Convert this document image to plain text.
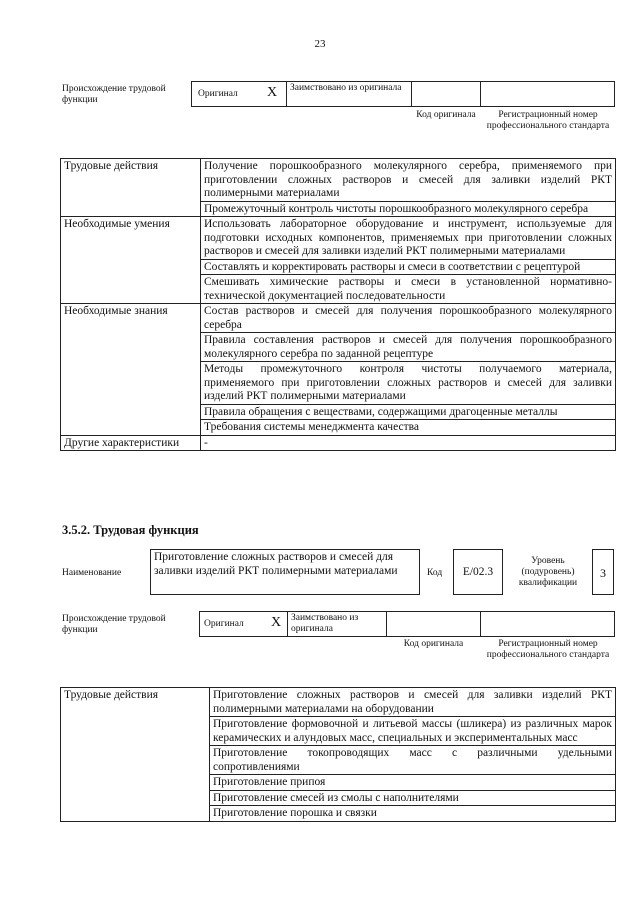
23
Происхождение трудовой функции
Оригинал X Заимствовано из оригинала
Код оригинала	Регистрационный номер профессионального стандарта
Трудовые действия	Получение порошкообразного молекулярного серебра, применяемого при приготовлении сложных растворов и смесей для заливки изделий РКТ полимерными материалами
	Промежуточный контроль чистоты порошкообразного молекулярного серебра
Необходимые умения	Использовать лабораторное оборудование и инструмент, используемые для подготовки исходных компонентов, применяемых при приготовлении сложных растворов и смесей для заливки изделий РКТ полимерными материалами
	Составлять и корректировать растворы и смеси в соответствии с рецептурой
	Смешивать химические растворы и смеси в установленной нормативно-технической документацией последовательности
Необходимые знания	Состав растворов и смесей для получения порошкообразного молекулярного серебра
	Правила составления растворов и смесей для получения порошкообразного молекулярного серебра по заданной рецептуре
	Методы промежуточного контроля чистоты получаемого материала, применяемого при приготовлении сложных растворов и смесей для заливки изделий РКТ полимерными материалами
	Правила обращения с веществами, содержащими драгоценные металлы
	Требования системы менеджмента качества
Другие характеристики	-
3.5.2. Трудовая функция
Наименование
Приготовление сложных растворов и смесей для заливки изделий РКТ полимерными материалами	Код	E/02.3
Уровень (подуровень) квалификации
3
Происхождение трудовой функции
Оригинал X Заимствовано из оригинала
Код оригинала	Регистрационный номер профессионального стандарта
Трудовые действия	Приготовление сложных растворов и смесей для заливки изделий РКТ полимерными материалами на оборудовании
Приготовление формовочной и литьевой массы (шликера) из различных марок керамических и алундовых масс, специальных и экспериментальных масс
Приготовление токопроводящих масс с различными удельными сопротивлениями
Приготовление припоя
Приготовление смесей из смолы с наполнителями
Приготовление порошка и связки
